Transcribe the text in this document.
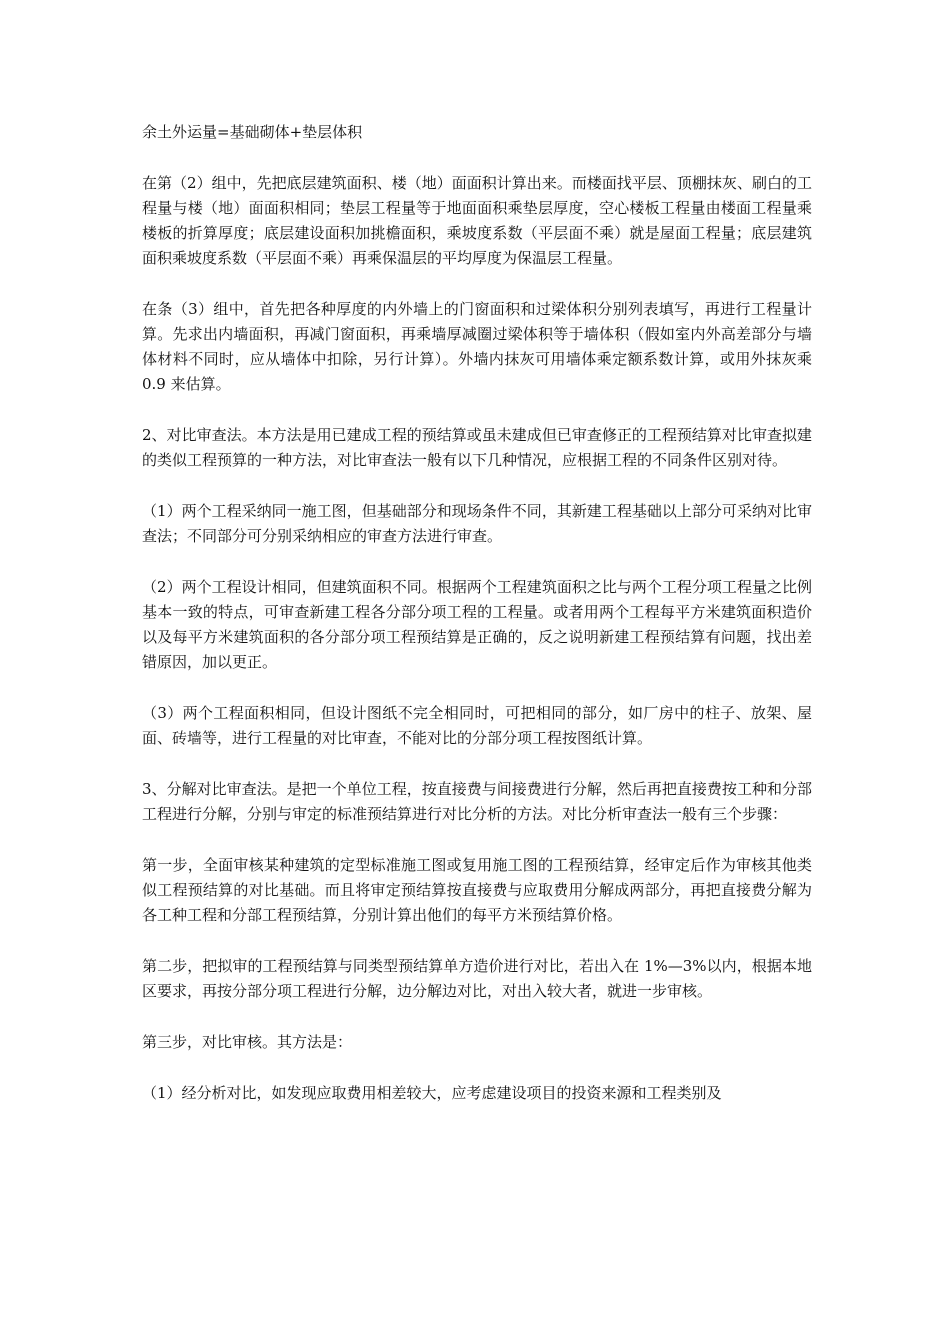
余土外运量=基础砌体+垫层体积

在第（2）组中，先把底层建筑面积、楼（地）面面积计算出来。而楼面找平层、顶棚抹灰、刷白的工程量与楼（地）面面积相同；垫层工程量等于地面面积乘垫层厚度，空心楼板工程量由楼面工程量乘楼板的折算厚度；底层建设面积加挑檐面积，乘坡度系数（平层面不乘）就是屋面工程量；底层建筑面积乘坡度系数（平层面不乘）再乘保温层的平均厚度为保温层工程量。

在条（3）组中，首先把各种厚度的内外墙上的门窗面积和过梁体积分别列表填写，再进行工程量计算。先求出内墙面积，再减门窗面积，再乘墙厚减圈过梁体积等于墙体积（假如室内外高差部分与墙体材料不同时，应从墙体中扣除，另行计算）。外墙内抹灰可用墙体乘定额系数计算，或用外抹灰乘 0.9 来估算。

2、对比审查法。本方法是用已建成工程的预结算或虽未建成但已审查修正的工程预结算对比审查拟建的类似工程预算的一种方法，对比审查法一般有以下几种情况，应根据工程的不同条件区别对待。

（1）两个工程采纳同一施工图，但基础部分和现场条件不同，其新建工程基础以上部分可采纳对比审查法；不同部分可分别采纳相应的审查方法进行审查。

（2）两个工程设计相同，但建筑面积不同。根据两个工程建筑面积之比与两个工程分项工程量之比例基本一致的特点，可审查新建工程各分部分项工程的工程量。或者用两个工程每平方米建筑面积造价以及每平方米建筑面积的各分部分项工程预结算是正确的，反之说明新建工程预结算有问题，找出差错原因，加以更正。

（3）两个工程面积相同，但设计图纸不完全相同时，可把相同的部分，如厂房中的柱子、放架、屋面、砖墙等，进行工程量的对比审查，不能对比的分部分项工程按图纸计算。

3、分解对比审查法。是把一个单位工程，按直接费与间接费进行分解，然后再把直接费按工种和分部工程进行分解，分别与审定的标准预结算进行对比分析的方法。对比分析审查法一般有三个步骤：

第一步，全面审核某种建筑的定型标准施工图或复用施工图的工程预结算，经审定后作为审核其他类似工程预结算的对比基础。而且将审定预结算按直接费与应取费用分解成两部分，再把直接费分解为各工种工程和分部工程预结算，分别计算出他们的每平方米预结算价格。

第二步，把拟审的工程预结算与同类型预结算单方造价进行对比，若出入在 1%—3%以内，根据本地区要求，再按分部分项工程进行分解，边分解边对比，对出入较大者，就进一步审核。

第三步，对比审核。其方法是：

（1）经分析对比，如发现应取费用相差较大，应考虑建设项目的投资来源和工程类别及
